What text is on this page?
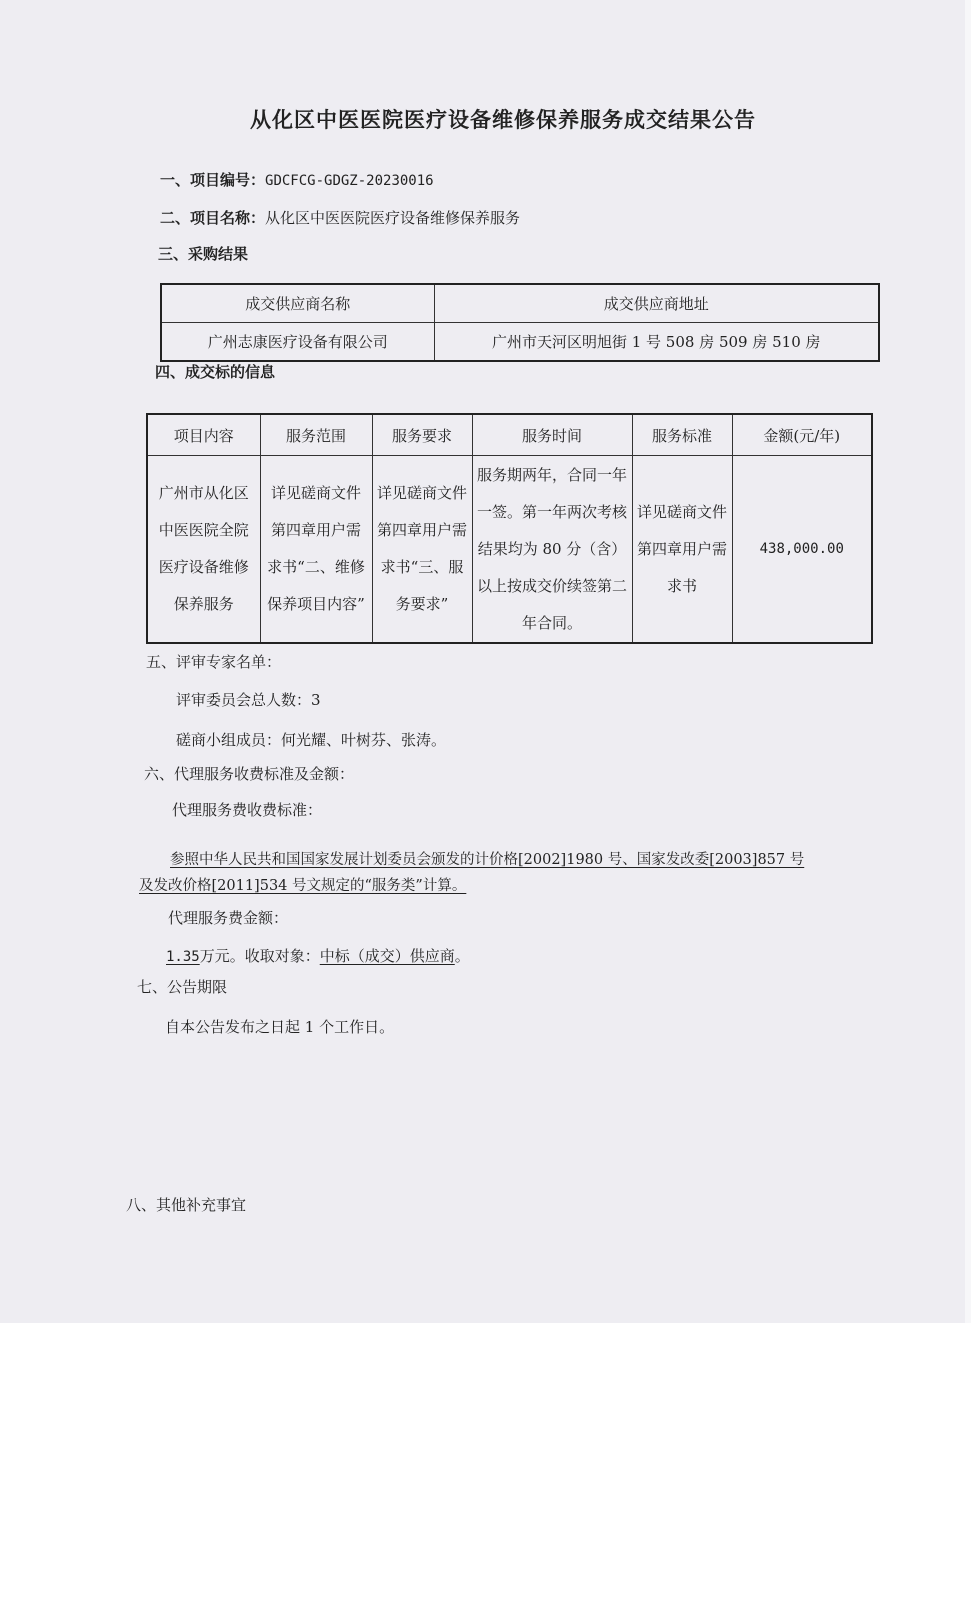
从化区中医医院医疗设备维修保养服务成交结果公告
一、项目编号：GDCFCG-GDGZ-20230016
二、项目名称：从化区中医医院医疗设备维修保养服务
三、采购结果
成交供应商名称	成交供应商地址
广州志康医疗设备有限公司	广州市天河区明旭街 1 号 508 房 509 房 510 房
四、成交标的信息
项目内容	服务范围	服务要求	服务时间	服务标准	金额(元/年)
广州市从化区中医医院全院医疗设备维修保养服务	详见磋商文件第四章用户需求书“二、维修保养项目内容”	详见磋商文件第四章用户需求书“三、服务要求”	服务期两年，合同一年一签。第一年两次考核结果均为 80 分（含）以上按成交价续签第二年合同。	详见磋商文件第四章用户需求书	438,000.00
五、评审专家名单：
评审委员会总人数：3
磋商小组成员：何光耀、叶树芬、张涛。
六、代理服务收费标准及金额：
代理服务费收费标准：
参照中华人民共和国国家发展计划委员会颁发的计价格[2002]1980 号、国家发改委[2003]857 号
及发改价格[2011]534 号文规定的“服务类”计算。
代理服务费金额：
1.35万元。收取对象：中标（成交）供应商。
七、公告期限
自本公告发布之日起 1 个工作日。
八、其他补充事宜
